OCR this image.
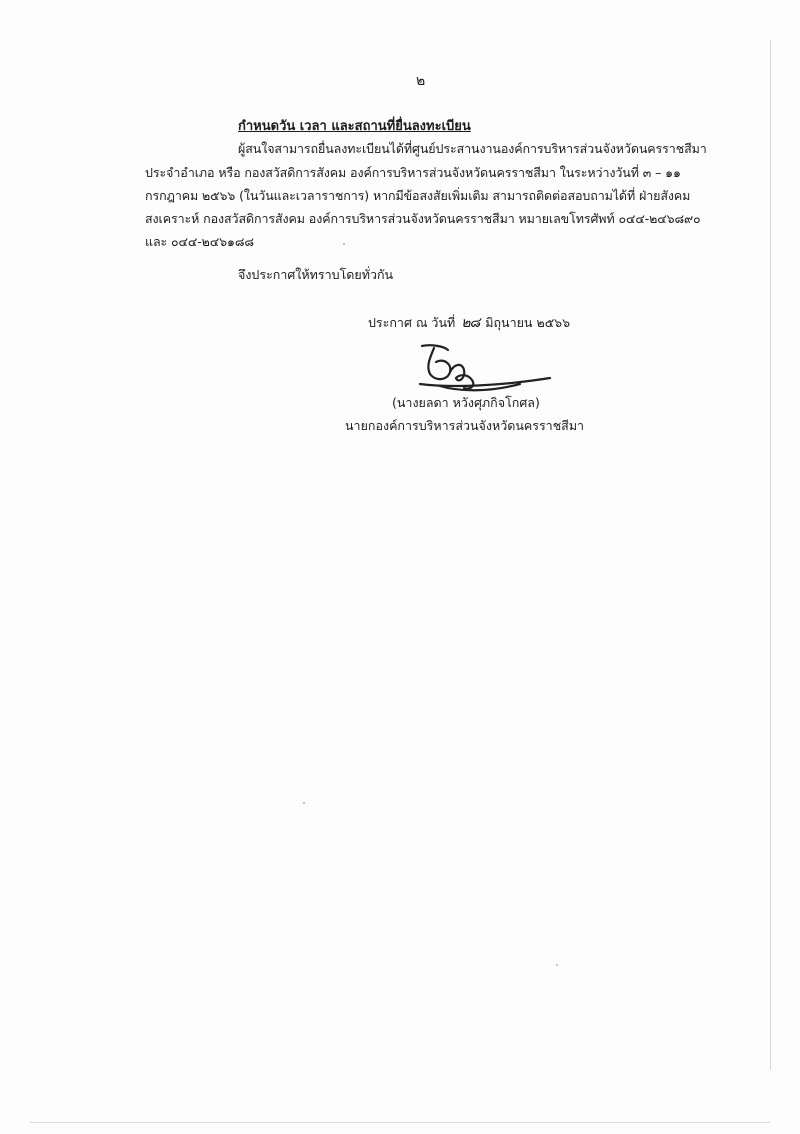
๒
กำหนดวัน เวลา และสถานที่ยื่นลงทะเบียน
ผู้สนใจสามารถยื่นลงทะเบียนได้ที่ศูนย์ประสานงานองค์การบริหารส่วนจังหวัดนครราชสีมา
ประจำอำเภอ หรือ กองสวัสดิการสังคม องค์การบริหารส่วนจังหวัดนครราชสีมา ในระหว่างวันที่ ๓ – ๑๑
กรกฎาคม ๒๕๖๖ (ในวันและเวลาราชการ) หากมีข้อสงสัยเพิ่มเติม สามารถติดต่อสอบถามได้ที่ ฝ่ายสังคม
สงเคราะห์ กองสวัสดิการสังคม องค์การบริหารส่วนจังหวัดนครราชสีมา หมายเลขโทรศัพท์ ๐๔๔-๒๔๖๘๙๐
และ ๐๔๔-๒๔๖๑๘๘
จึงประกาศให้ทราบโดยทั่วกัน
ประกาศ ณ วันที่ ๒๘ มิถุนายน ๒๕๖๖
(นางยลดา หวังศุภกิจโกศล)
นายกองค์การบริหารส่วนจังหวัดนครราชสีมา
